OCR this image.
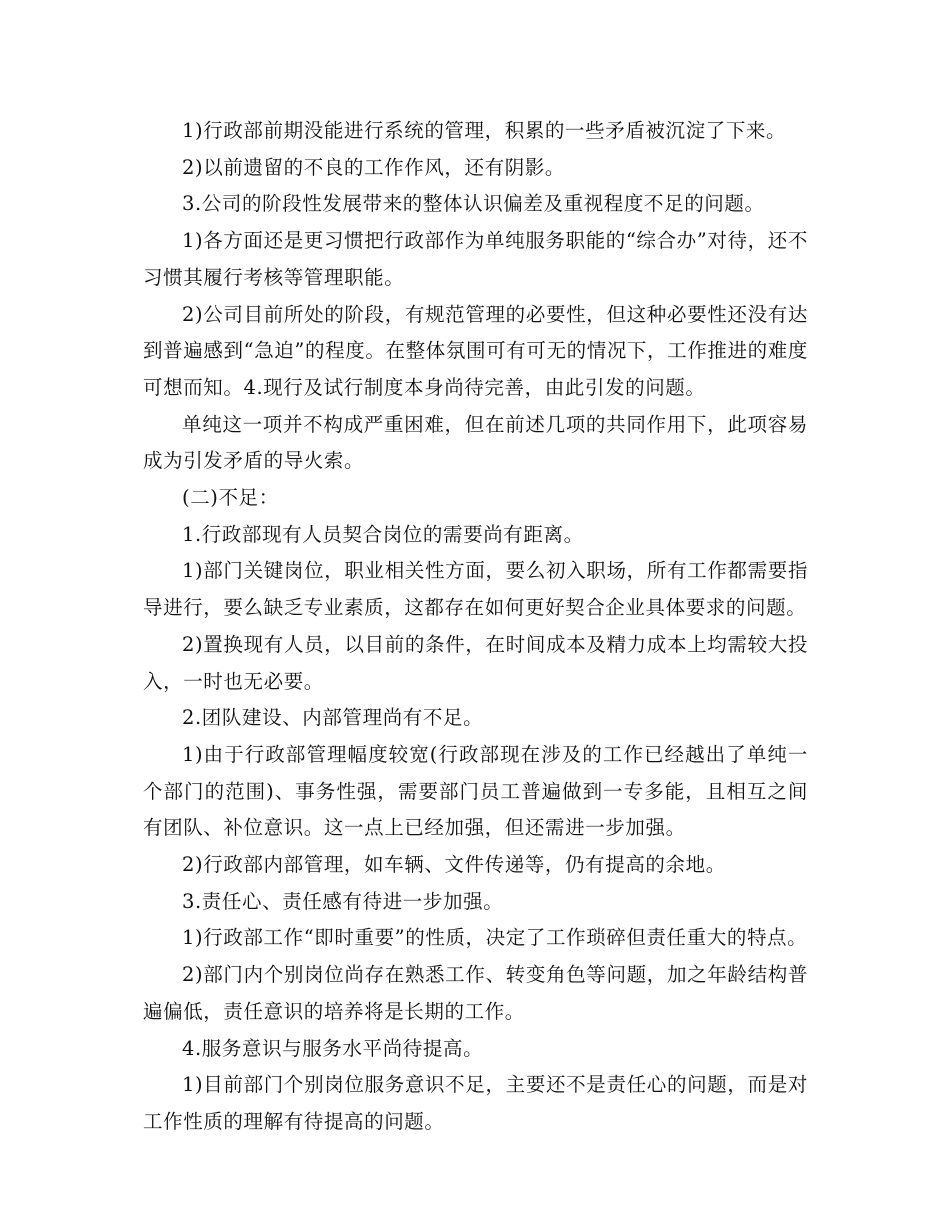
1)行政部前期没能进行系统的管理，积累的一些矛盾被沉淀了下来。

2)以前遗留的不良的工作作风，还有阴影。

3.公司的阶段性发展带来的整体认识偏差及重视程度不足的问题。

1)各方面还是更习惯把行政部作为单纯服务职能的“综合办”对待，还不习惯其履行考核等管理职能。

2)公司目前所处的阶段，有规范管理的必要性，但这种必要性还没有达到普遍感到“急迫”的程度。在整体氛围可有可无的情况下，工作推进的难度可想而知。4.现行及试行制度本身尚待完善，由此引发的问题。

单纯这一项并不构成严重困难，但在前述几项的共同作用下，此项容易成为引发矛盾的导火索。

(二)不足：

1.行政部现有人员契合岗位的需要尚有距离。

1)部门关键岗位，职业相关性方面，要么初入职场，所有工作都需要指导进行，要么缺乏专业素质，这都存在如何更好契合企业具体要求的问题。

2)置换现有人员，以目前的条件，在时间成本及精力成本上均需较大投入，一时也无必要。

2.团队建设、内部管理尚有不足。

1)由于行政部管理幅度较宽(行政部现在涉及的工作已经越出了单纯一个部门的范围)、事务性强，需要部门员工普遍做到一专多能，且相互之间有团队、补位意识。这一点上已经加强，但还需进一步加强。

2)行政部内部管理，如车辆、文件传递等，仍有提高的余地。

3.责任心、责任感有待进一步加强。

1)行政部工作“即时重要”的性质，决定了工作琐碎但责任重大的特点。

2)部门内个别岗位尚存在熟悉工作、转变角色等问题，加之年龄结构普遍偏低，责任意识的培养将是长期的工作。

4.服务意识与服务水平尚待提高。

1)目前部门个别岗位服务意识不足，主要还不是责任心的问题，而是对工作性质的理解有待提高的问题。
